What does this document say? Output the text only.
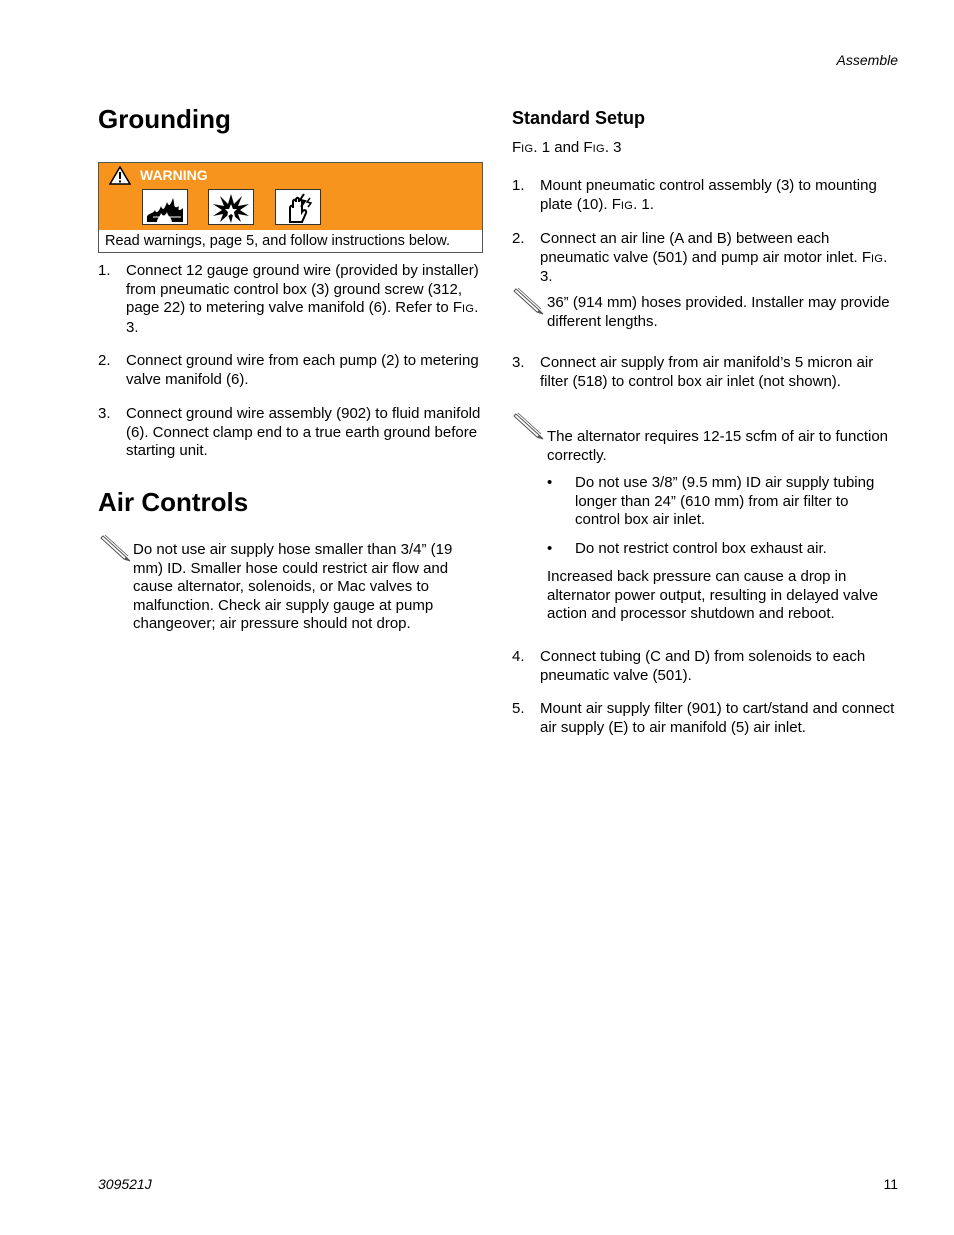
Assemble
309521J	11
Grounding
WARNING
Read warnings, page 5, and follow instructions below.
1. Connect 12 gauge ground wire (provided by installer) from pneumatic control box (3) ground screw (312, page 22) to metering valve manifold (6). Refer to FIG. 3.
2. Connect ground wire from each pump (2) to metering valve manifold (6).
3. Connect ground wire assembly (902) to fluid manifold (6). Connect clamp end to a true earth ground before starting unit.
Air Controls
Do not use air supply hose smaller than 3/4” (19 mm) ID. Smaller hose could restrict air flow and cause alternator, solenoids, or Mac valves to malfunction. Check air supply gauge at pump changeover; air pressure should not drop.
Standard Setup
FIG. 1 and FIG. 3
1. Mount pneumatic control assembly (3) to mounting plate (10). FIG. 1.
2. Connect an air line (A and B) between each pneumatic valve (501) and pump air motor inlet. FIG. 3.
36” (914 mm) hoses provided. Installer may provide different lengths.
3. Connect air supply from air manifold’s 5 micron air filter (518) to control box air inlet (not shown).
The alternator requires 12-15 scfm of air to function correctly.
• Do not use 3/8” (9.5 mm) ID air supply tubing longer than 24” (610 mm) from air filter to control box air inlet.
• Do not restrict control box exhaust air.
Increased back pressure can cause a drop in alternator power output, resulting in delayed valve action and processor shutdown and reboot.
4. Connect tubing (C and D) from solenoids to each pneumatic valve (501).
5. Mount air supply filter (901) to cart/stand and connect air supply (E) to air manifold (5) air inlet.
